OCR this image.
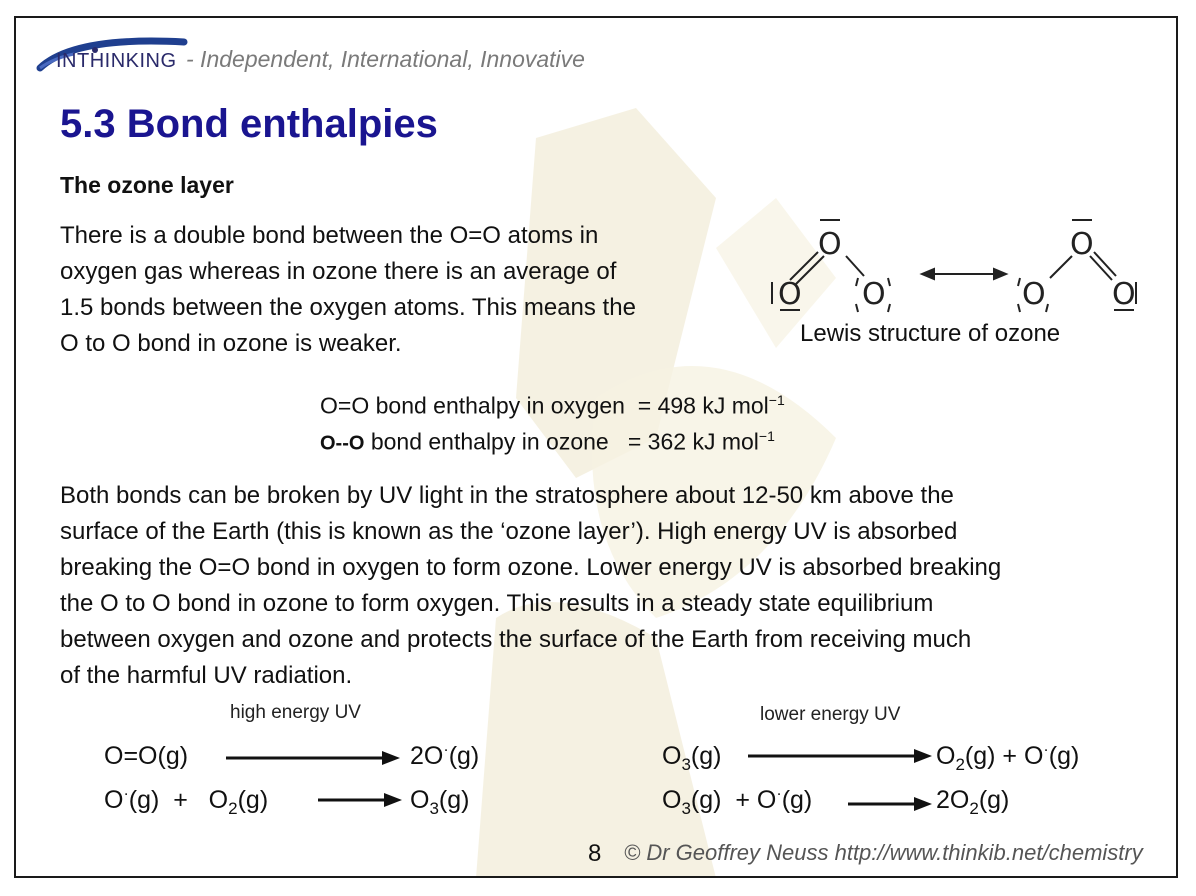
INTHINKING - Independent, International, Innovative
5.3 Bond enthalpies
The ozone layer
There is a double bond between the O=O atoms in
oxygen gas whereas in ozone there is an average of
1.5 bonds between the oxygen atoms. This means the
O to O bond in ozone is weaker.
O
O O
O
O O
Lewis structure of ozone
O=O bond enthalpy in oxygen  = 498 kJ mol$^{-1}$
O--O bond enthalpy in ozone   = 362 kJ mol$^{-1}$
Both bonds can be broken by UV light in the stratosphere about 12-50 km above the
surface of the Earth (this is known as the ‘ozone layer’). High energy UV is absorbed
breaking the O=O bond in oxygen to form ozone. Lower energy UV is absorbed breaking
the O to O bond in ozone to form oxygen. This results in a steady state equilibrium
between oxygen and ozone and protects the surface of the Earth from receiving much
of the harmful UV radiation.
high energy UV
O=O(g)	2O·(g)
$O^\cdot(g) + O_2(g)$	$O_3(g)$
lower energy UV
$O_3(g)$	$O_2(g) + O^\cdot(g)$
$O_3(g) + O^\cdot(g)$	$2O_2(g)$
8 © Dr Geoffrey Neuss http://www.thinkib.net/chemistry
